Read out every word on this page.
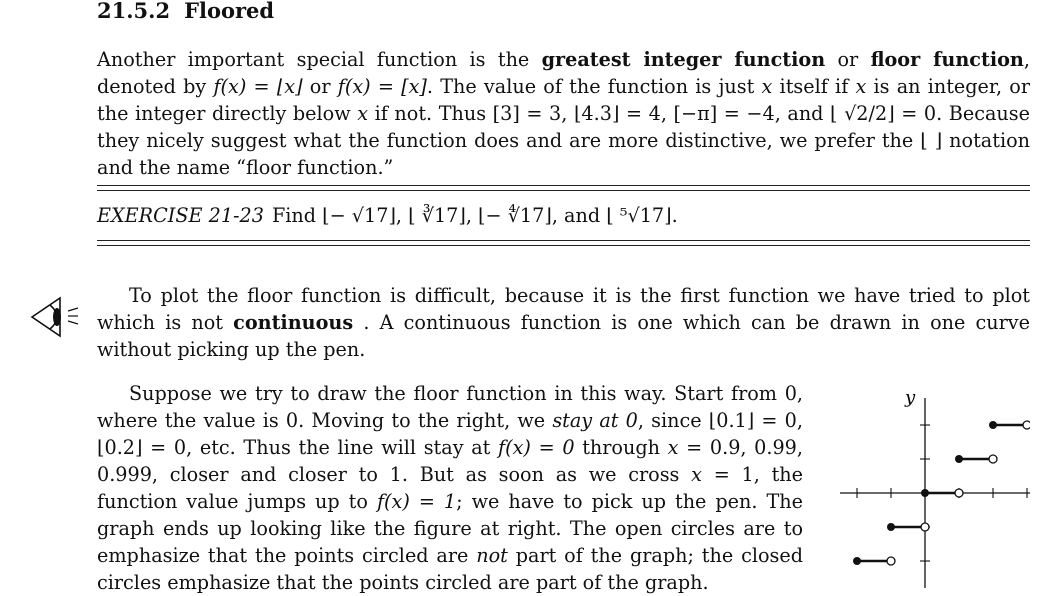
21.5.2 Floored

Another important special function is the greatest integer function or floor function, denoted by f(x) = ⌊x⌋ or f(x) = [x]. The value of the function is just x itself if x is an integer, or the integer directly below x if not. Thus [3] = 3, ⌊4.3⌋ = 4, [−π] = −4, and ⌊ √2/2⌋ = 0. Because they nicely suggest what the function does and are more distinctive, we prefer the ⌊ ⌋ notation and the name “floor function.”

EXERCISE 21-23 Find ⌊− √17⌋, ⌊ ∛17⌋, ⌊− ∜17⌋, and ⌊ ⁵√17⌋.

To plot the floor function is difficult, because it is the first function we have tried to plot which is not continuous . A continuous function is one which can be drawn in one curve without picking up the pen.

Suppose we try to draw the floor function in this way. Start from 0, where the value is 0. Moving to the right, we stay at 0, since ⌊0.1⌋ = 0, ⌊0.2⌋ = 0, etc. Thus the line will stay at f(x) = 0 through x = 0.9, 0.99, 0.999, closer and closer to 1. But as soon as we cross x = 1, the function value jumps up to f(x) = 1; we have to pick up the pen. The graph ends up looking like the figure at right. The open circles are to emphasize that the points circled are not part of the graph; the closed circles emphasize that the points circled are part of the graph.

y
